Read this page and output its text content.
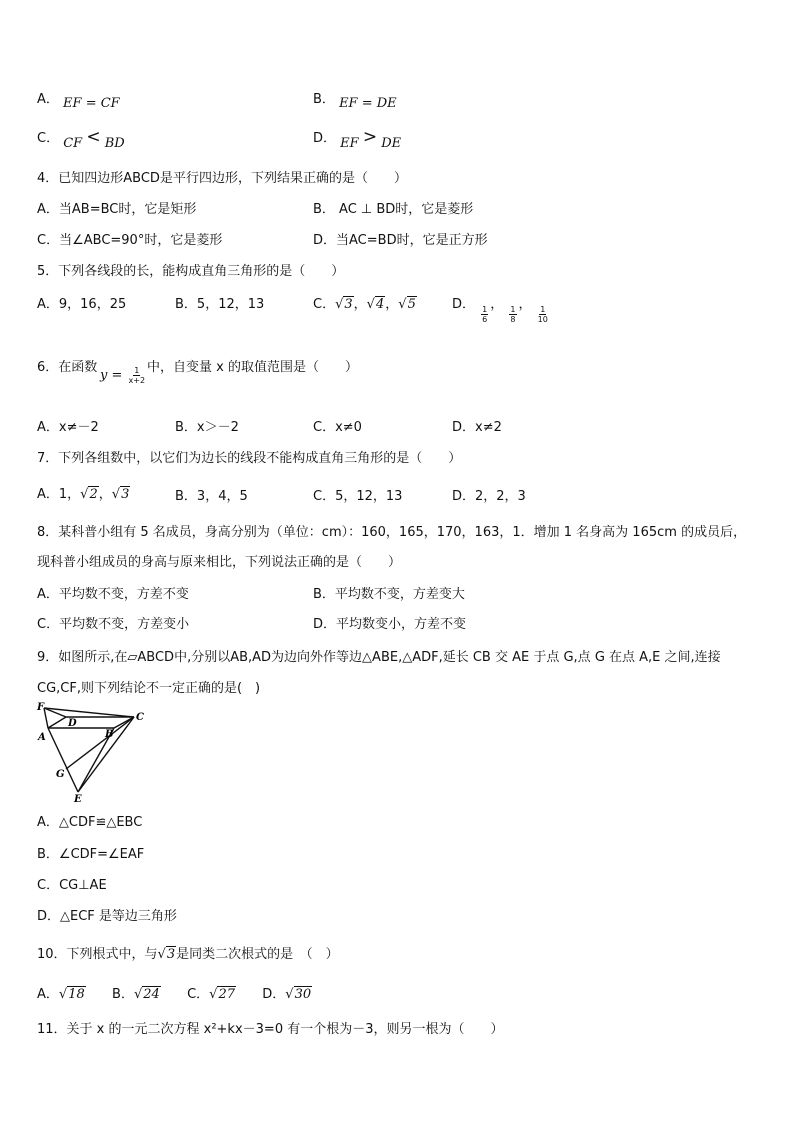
A． EF = CF	B． EF = DE
C． CF < BD	D． EF > DE
4．已知四边形ABCD是平行四边形，下列结果正确的是（　　）
A．当AB=BC时，它是矩形	B． AC ⊥ BD时，它是菱形
C．当∠ABC=90°时，它是菱形	D．当AC=BD时，它是正方形
5．下列各线段的长，能构成直角三角形的是（　　）
A．9，16，25	B．5，12，13	C．√3，√4，√5	D．
$\frac{1}{6}$
，
$\frac{1}{8}$
，
$\frac{1}{10}$
6．在函数
$y = \frac{1}{x+2}$ 中，自变量 x 的取值范围是（　　）
A．x≠－2	B．x＞－2	C．x≠0	D．x≠2
7．下列各组数中，以它们为边长的线段不能构成直角三角形的是（　　）
A．1，√2，√3	B．3，4，5	C．5，12，13	D．2，2，3
8．某科普小组有 5 名成员，身高分别为（单位：cm）：160，165，170，163，1．增加 1 名身高为 165cm 的成员后，
现科普小组成员的身高与原来相比，下列说法正确的是（　　）
A．平均数不变，方差不变	B．平均数不变，方差变大
C．平均数不变，方差变小	D．平均数变小，方差不变
9．如图所示,在▱ABCD中,分别以AB,AD为边向外作等边△ABE,△ADF,延长 CB 交 AE 于点 G,点 G 在点 A,E 之间,连接
CG,CF,则下列结论不一定正确的是(　)
F
D
C
A	B
G
E
A．△CDF≌△EBC
B．∠CDF=∠EAF
C．CG⊥AE
D．△ECF 是等边三角形
10．下列根式中，与√3是同类二次根式的是　（　）
A．√18 B．√24 C．√27 D．√30
11．关于 x 的一元二次方程 x²+kx－3=0 有一个根为－3，则另一根为（　　）
